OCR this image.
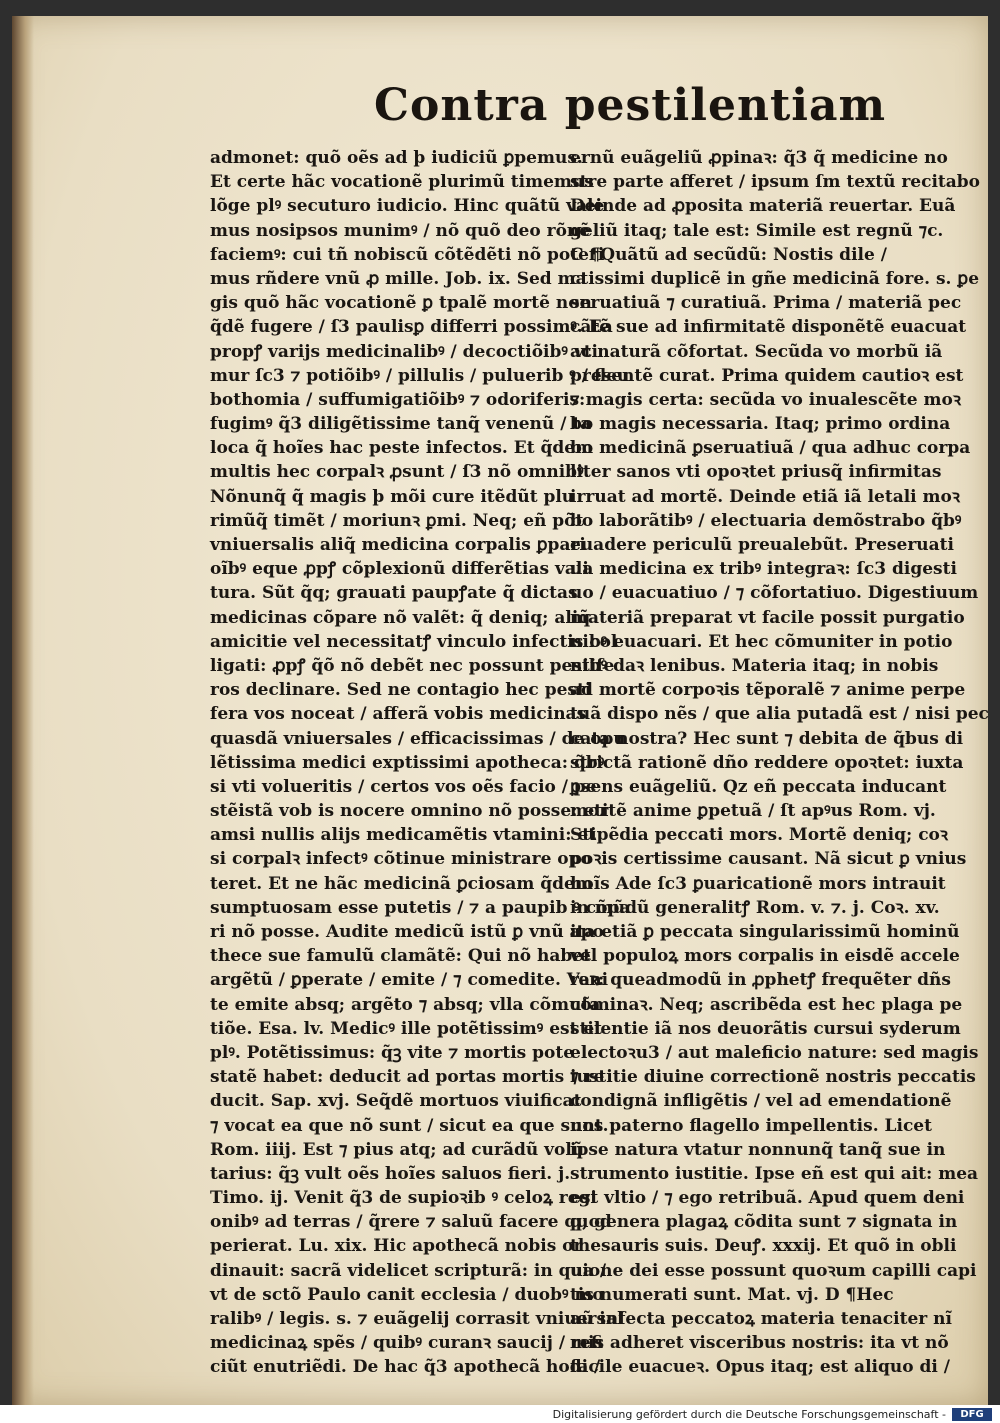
Contra pestilentiam
admonet: quõ oẽs ad þ iudiciũ ꝑpemus.
Et certe hãc vocationẽ plurimũ timemus
lõge plꝰ secuturo iudicio. Hinc quãtũ vale
mus nosipsos munimꝰ / nõ quõ deo rõnẽ
faciemꝰ: cui tñ nobiscũ cõtẽdẽti nõ poteri
mus rñdere vnũ ꝓ mille. Job. ix. Sed ma
gis quõ hãc vocationẽ ꝑ tpalẽ mortẽ non
q̃dẽ fugere / ſ3 paulisꝑ differri possimꝰ. Ea
propꝭ varijs medicinalibꝰ / decoctiõibꝰ vti
mur ſc3 ⁊ potiõibꝰ / pillulis / puluerib ꝰ / fleu
bothomia / suffumigatiõibꝰ ⁊ odoriferis:
fugimꝰ q̃3 diligẽtissime tanq̃ venenũ / ta
loca q̃ hoĩes hac peste infectos. Et q̃dem
multis hec corpalꝛ ꝓsunt / ſ3 nõ omnibꝰ.
Nõnunq̃ q̃ magis þ mõi cure itẽdũt plu
rimũq̃ timẽt / moriunꝛ ꝑmi. Neq; eñ põt
vniuersalis aliq̃ medicina corpalis ꝑpari
oĩbꝰ eque ꝓpꝭ cõplexionũ differẽtias vali
tura. Sũt q̃q; grauati paupꝭate q̃ dictas
medicinas cõpare nõ valẽt: q̃ deniq; aliq̃
amicitie vel necessitatꝭ vinculo infectis col
ligati: ꝓpꝭ q̃õ nõ debẽt nec possunt pestife
ros declinare. Sed ne contagio hec pesti
fera vos noceat / afferã vobis medicinas
quasdã vniuersales / efficacissimas / de opu
lẽtissima medici exptissimi apotheca: q̃bꝰ
si vti volueritis / certos vos oẽs facio / pe
stẽistã vob is nocere omnino nõ posse: eti
amsi nullis alijs medicamẽtis vtamini: et
si corpalꝛ infectꝰ cõtinue ministrare opo
teret. Et ne hãc medicinã ꝑciosam q̃dem
sumptuosam esse putetis / ⁊ a paupib ꝰ cõpa
ri nõ posse. Audite medicũ istũ ꝑ vnũ apo
thece sue famulũ clamãtẽ: Qui nõ habet
argẽtũ / ꝑperate / emite / ⁊ comedite. Veni
te emite absq; argẽto ⁊ absq; vlla cõmuta
tiõe. Esa. lv. Medicꝰ ille potẽtissimꝰ est et
plꝰ. Potẽtissimus: q̃ꝫ vite ⁊ mortis pote
statẽ habet: deducit ad portas mortis ⁊ re
ducit. Sap. xvj. Seq̃dẽ mortuos viuificat
⁊ vocat ea que nõ sunt / sicut ea que sunt.
Rom. iiij. Est ⁊ pius atq; ad curãdũ volũ
tarius: q̃ꝫ vult oẽs hoĩes saluos fieri. j.
Timo. ij. Venit q̃3 de supioꝛib ꝰ celoꝝ regi
onibꝰ ad terras / q̃rere ⁊ saluũ facere quod
perierat. Lu. xix. Hic apothecã nobis or
dinauit: sacrã videlicet scripturã: in qua /
vt de sctõ Paulo canit ecclesia / duobꝰ mo
ralibꝰ / legis. s. ⁊ euãgelij corrasit vniuersal
medicinaꝝ spẽs / quibꝰ curanꝛ saucij / refi
ciũt enutriẽdi. De hac q̃3 apothecã hodi /
ernũ euãgeliũ ꝓpinaꝛ: q̃3 q̃ medicine no
stre parte afferet / ipsum ſm textũ recitabo
Deinde ad ꝓposita materiã reuertar. Euã
geliũ itaq; tale est: Simile est regnũ ⁊c.
C ¶Quãtũ ad secũdũ: Nostis dile /
ctissimi duplicẽ in gñe medicinã fore. s. ꝑe
seruatiuã ⁊ curatiuã. Prima / materiã pec
cãtẽ sue ad infirmitatẽ disponẽtẽ euacuat
ac naturã cõfortat. Secũda vo morbũ iã
presentẽ curat. Prima quidem cautioꝛ est
⁊ magis certa: secũda vo inualescẽte moꝛ
bo magis necessaria. Itaq; primo ordina
bo medicinã ꝑseruatiuã / qua adhuc corpa
liter sanos vti opoꝛtet priusq̃ infirmitas
irruat ad mortẽ. Deinde etiã iã letali moꝛ
bo laborãtibꝰ / electuaria demõstrabo q̃bꝰ
euadere periculũ preualebũt. Preseruati
ua medicina ex tribꝰ integraꝛ: ſc3 digesti
uo / euacuatiuo / ⁊ cõfortatiuo. Digestiuum
materiã preparat vt facile possit purgatio
nibꝰ euacuari. Et hec cõmuniter in potio
nibꝰ daꝛ lenibus. Materia itaq; in nobis
ad mortẽ corpoꝛis tẽporalẽ ⁊ anime perpe
tuã dispo nẽs / que alia putadã est / nisi pec
cata nostra? Hec sunt ⁊ debita de q̃bus di
strictã rationẽ dño reddere opoꝛtet: iuxta
ꝑsens euãgeliũ. Qz eñ peccata inducant
mortẽ anime ꝑpetuã / ſt apꝰus Rom. vj.
Stipẽdia peccati mors. Mortẽ deniq; coꝛ
poꝛis certissime causant. Nã sicut ꝑ vnius
hoĩs Ade ſc3 ꝑuaricationẽ mors intrauit
in mũdũ generalitꝭ Rom. v. ⁊. j. Coꝛ. xv.
ita etiã ꝑ peccata singularissimũ hominũ
vel populoꝝ mors corpalis in eisdẽ accele
raꝛ: queadmodũ in ꝓphetꝭ frequẽter dñs
cõminaꝛ. Neq; ascribẽda est hec plaga pe
stilentie iã nos deuorãtis cursui syderum
electoꝛu3 / aut maleficio nature: sed magis
iustitie diuine correctionẽ nostris peccatis
condignã infligẽtis / vel ad emendationẽ
nos paterno flagello impellentis. Licet
ipse natura vtatur nonnunq̃ tanq̃ sue in
strumento iustitie. Ipse eñ est qui ait: mea
est vltio / ⁊ ego retribuã. Apud quem deni
q; genera plagaꝝ cõdita sunt ⁊ signata in
thesauris suis. Deuꝭ. xxxij. Et quõ in obli
uione dei esse possunt quoꝛum capilli capi
tis numerati sunt. Mat. vj. D ¶Hec
aũ infecta peccatoꝝ materia tenaciter nĩ
mis adheret visceribus nostris: ita vt nõ
facile euacueꝛ. Opus itaq; est aliquo di /
Digitalisierung gefördert durch die Deutsche Forschungsgemeinschaft -	DFG
